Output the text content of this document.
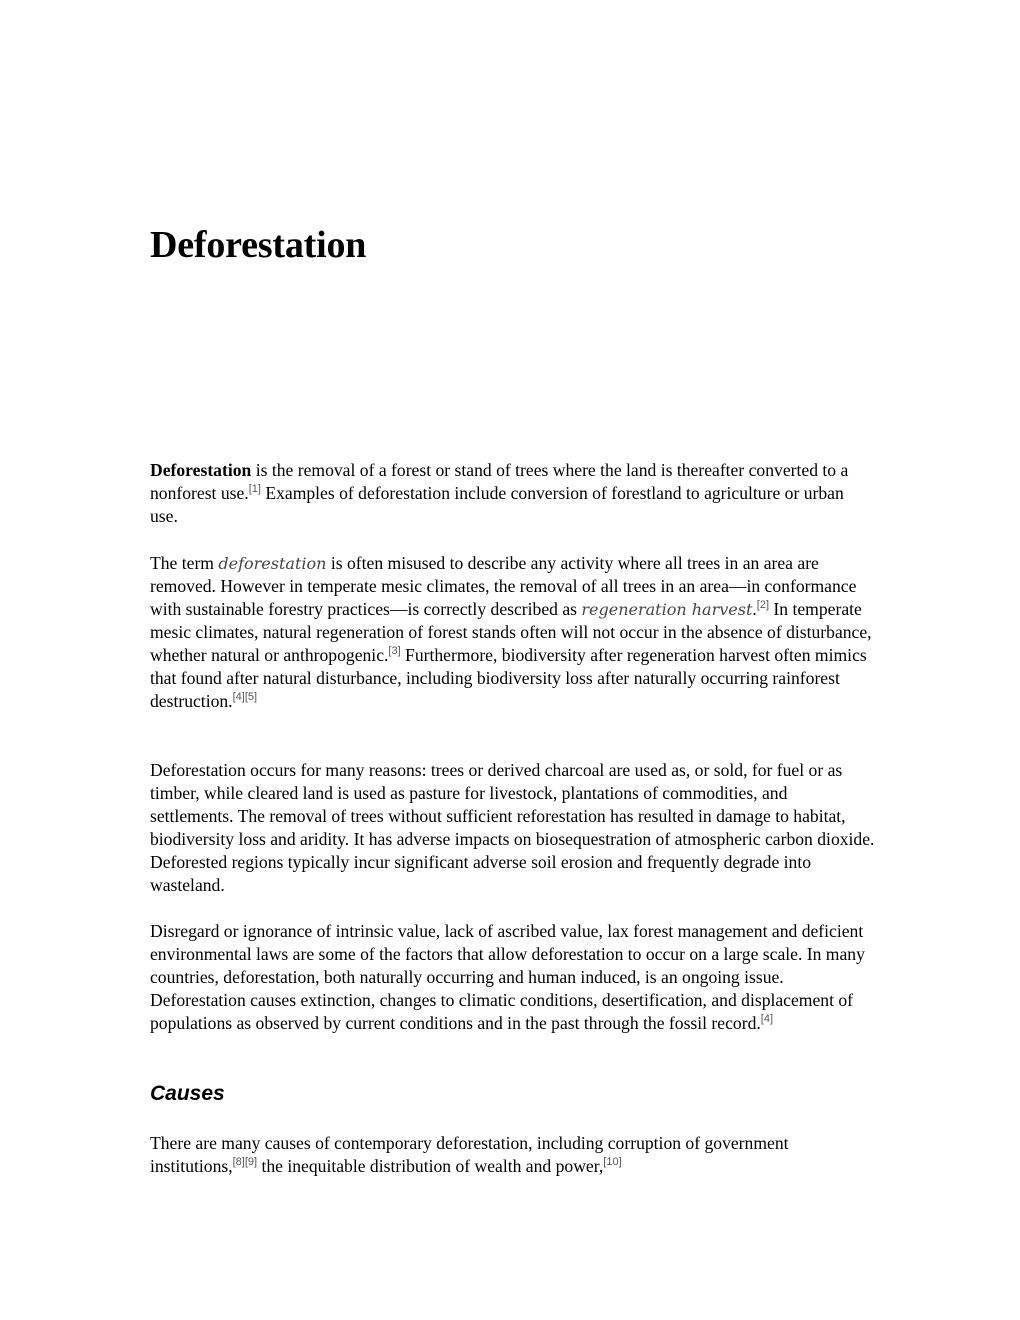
Deforestation

Deforestation is the removal of a forest or stand of trees where the land is thereafter converted to a nonforest use.[1] Examples of deforestation include conversion of forestland to agriculture or urban use.

The term deforestation is often misused to describe any activity where all trees in an area are removed. However in temperate mesic climates, the removal of all trees in an area—in conformance with sustainable forestry practices—is correctly described as regeneration harvest.[2] In temperate mesic climates, natural regeneration of forest stands often will not occur in the absence of disturbance, whether natural or anthropogenic.[3] Furthermore, biodiversity after regeneration harvest often mimics that found after natural disturbance, including biodiversity loss after naturally occurring rainforest destruction.[4][5]

Deforestation occurs for many reasons: trees or derived charcoal are used as, or sold, for fuel or as timber, while cleared land is used as pasture for livestock, plantations of commodities, and settlements. The removal of trees without sufficient reforestation has resulted in damage to habitat, biodiversity loss and aridity. It has adverse impacts on biosequestration of atmospheric carbon dioxide. Deforested regions typically incur significant adverse soil erosion and frequently degrade into wasteland.

Disregard or ignorance of intrinsic value, lack of ascribed value, lax forest management and deficient environmental laws are some of the factors that allow deforestation to occur on a large scale. In many countries, deforestation, both naturally occurring and human induced, is an ongoing issue. Deforestation causes extinction, changes to climatic conditions, desertification, and displacement of populations as observed by current conditions and in the past through the fossil record.[4]

Causes

There are many causes of contemporary deforestation, including corruption of government institutions,[8][9] the inequitable distribution of wealth and power,[10]
